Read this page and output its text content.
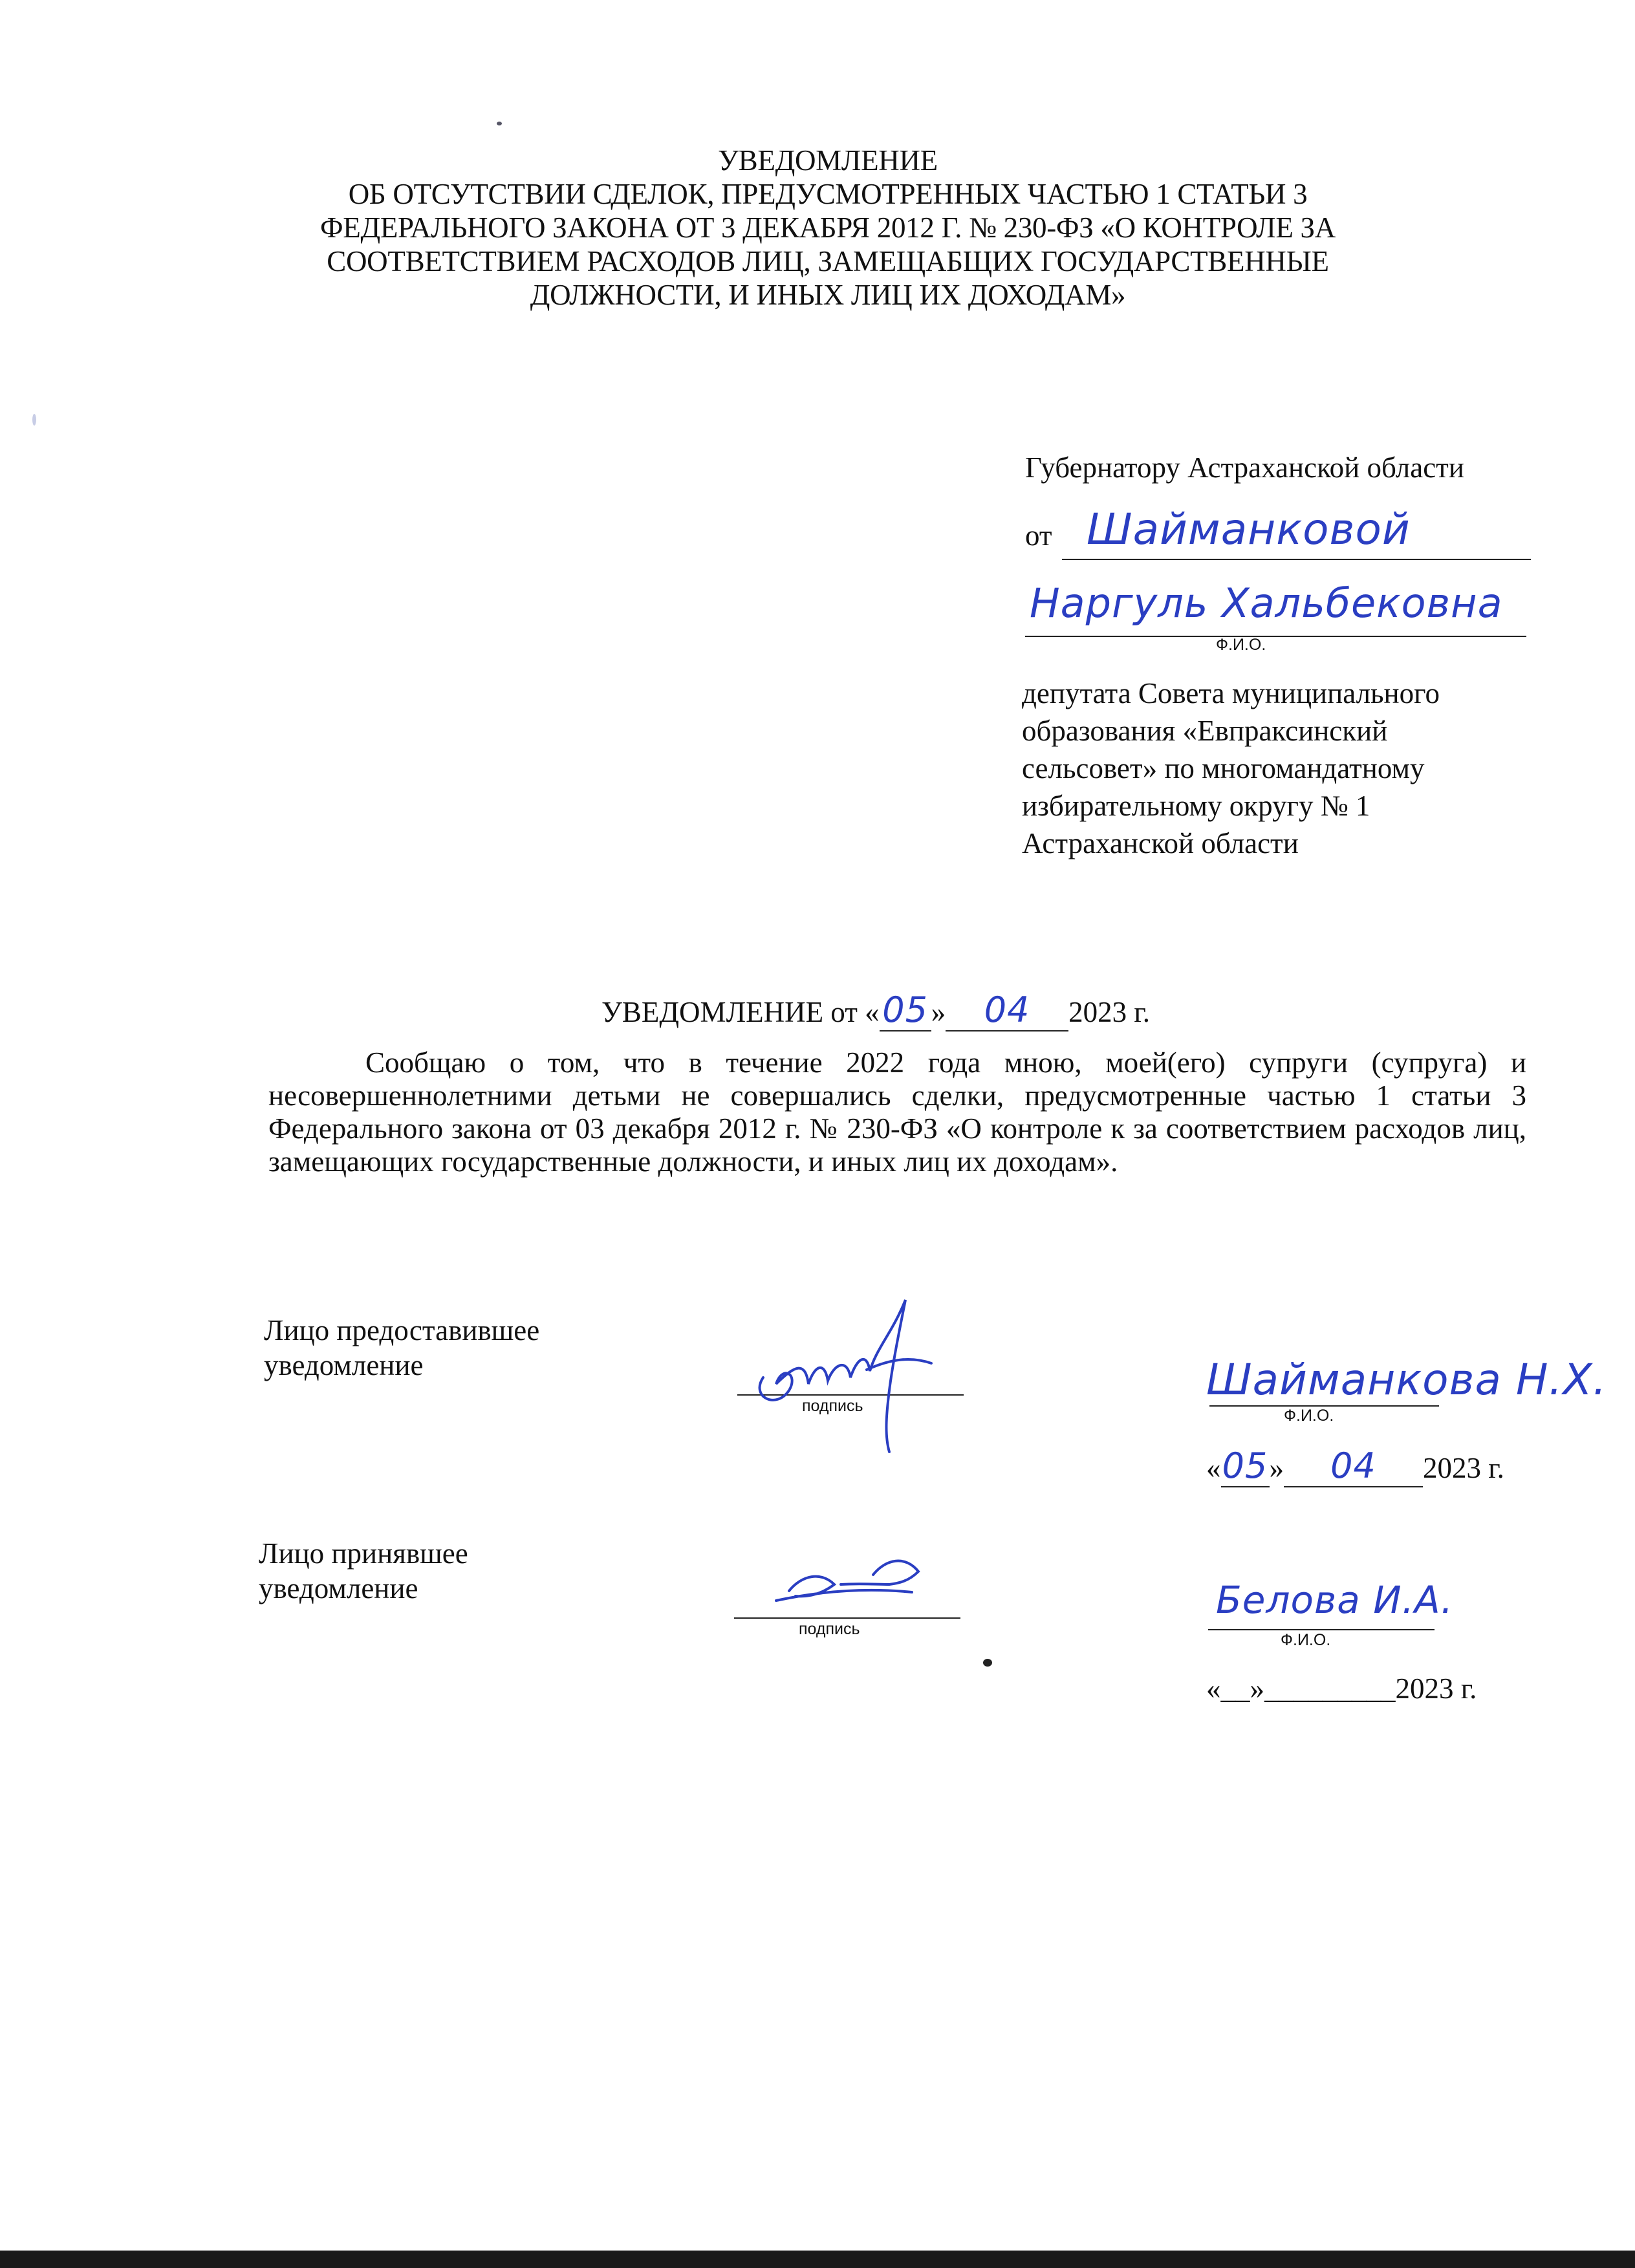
УВЕДОМЛЕНИЕ
ОБ ОТСУТСТВИИ СДЕЛОК, ПРЕДУСМОТРЕННЫХ ЧАСТЬЮ 1 СТАТЬИ 3
ФЕДЕРАЛЬНОГО ЗАКОНА ОТ 3 ДЕКАБРЯ 2012 Г. № 230-ФЗ «О КОНТРОЛЕ ЗА
СООТВЕТСТВИЕМ РАСХОДОВ ЛИЦ, ЗАМЕЩАБЩИХ ГОСУДАРСТВЕННЫЕ
ДОЛЖНОСТИ, И ИНЫХ ЛИЦ ИХ ДОХОДАМ»
Губернатору Астраханской области
от Шайманковой
Наргуль Хальбековна
Ф.И.О.
депутата Совета муниципального
образования «Евпраксинский
сельсовет» по многомандатному
избирательному округу № 1
Астраханской области
УВЕДОМЛЕНИЕ от «05 » 04 2023 г.

Сообщаю о том, что в течение 2022 года мною, моей(его) супруги (супруга) и несовершеннолетними детьми не совершались сделки, предусмотренные частью 1 статьи 3 Федерального закона от 03 декабря 2012 г. № 230-ФЗ «О контроле к за соответствием расходов лиц, замещающих государственные должности, и иных лиц их доходам».

Лицо предоставившее
уведомление
подпись
Шайманкова Н.Х.
Ф.И.О.
«05» 04 2023 г.
Лицо принявшее
уведомление
подпись
Белова И.А.
Ф.И.О.
«__»_________2023 г.
